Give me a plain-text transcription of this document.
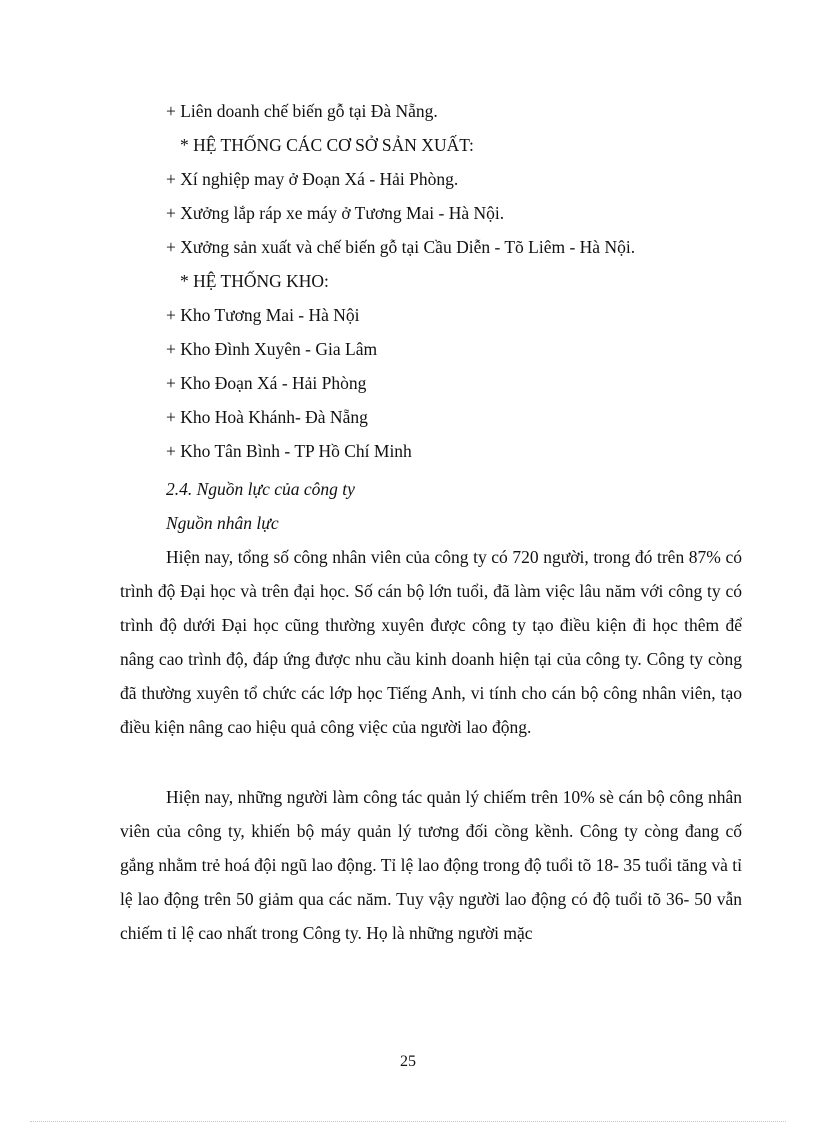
+ Liên doanh chế biến gỗ tại Đà Nẵng.
* HỆ THỐNG CÁC CƠ SỞ SẢN XUẤT:
+ Xí nghiệp may ở Đoạn Xá - Hải Phòng.
+ Xưởng lắp ráp xe máy ở Tương Mai - Hà Nội.
+ Xưởng sản xuất và chế biến gỗ tại Cầu Diễn - Tõ Liêm - Hà Nội.
* HỆ THỐNG KHO:
+ Kho Tương Mai - Hà Nội
+ Kho Đình Xuyên - Gia Lâm
+ Kho Đoạn Xá - Hải Phòng
+ Kho Hoà Khánh- Đà Nẵng
+ Kho Tân Bình - TP Hồ Chí Minh
2.4. Nguồn lực của công ty
Nguồn nhân lực

Hiện nay, tổng số công nhân viên của công ty có 720 người, trong đó trên 87% có trình độ Đại học và trên đại học. Số cán bộ lớn tuổi, đã làm việc lâu năm với công ty có trình độ dưới Đại học cũng thường xuyên được công ty tạo điều kiện đi học thêm để nâng cao trình độ, đáp ứng được nhu cầu kinh doanh hiện tại của công ty. Công ty còng đã thường xuyên tổ chức các lớp học Tiếng Anh, vi tính cho cán bộ công nhân viên, tạo điều kiện nâng cao hiệu quả công việc của người lao động.

Hiện nay, những người làm công tác quản lý chiếm trên 10% sè cán bộ công nhân viên của công ty, khiến bộ máy quản lý tương đối cồng kềnh. Công ty còng đang cố gắng nhằm trẻ hoá đội ngũ lao động. Tỉ lệ lao động trong độ tuổi tõ 18- 35 tuổi tăng và tỉ lệ lao động trên 50 giảm qua các năm. Tuy vậy người lao động có độ tuổi tõ 36- 50 vẫn chiếm tỉ lệ cao nhất trong Công ty. Họ là những người mặc

25
